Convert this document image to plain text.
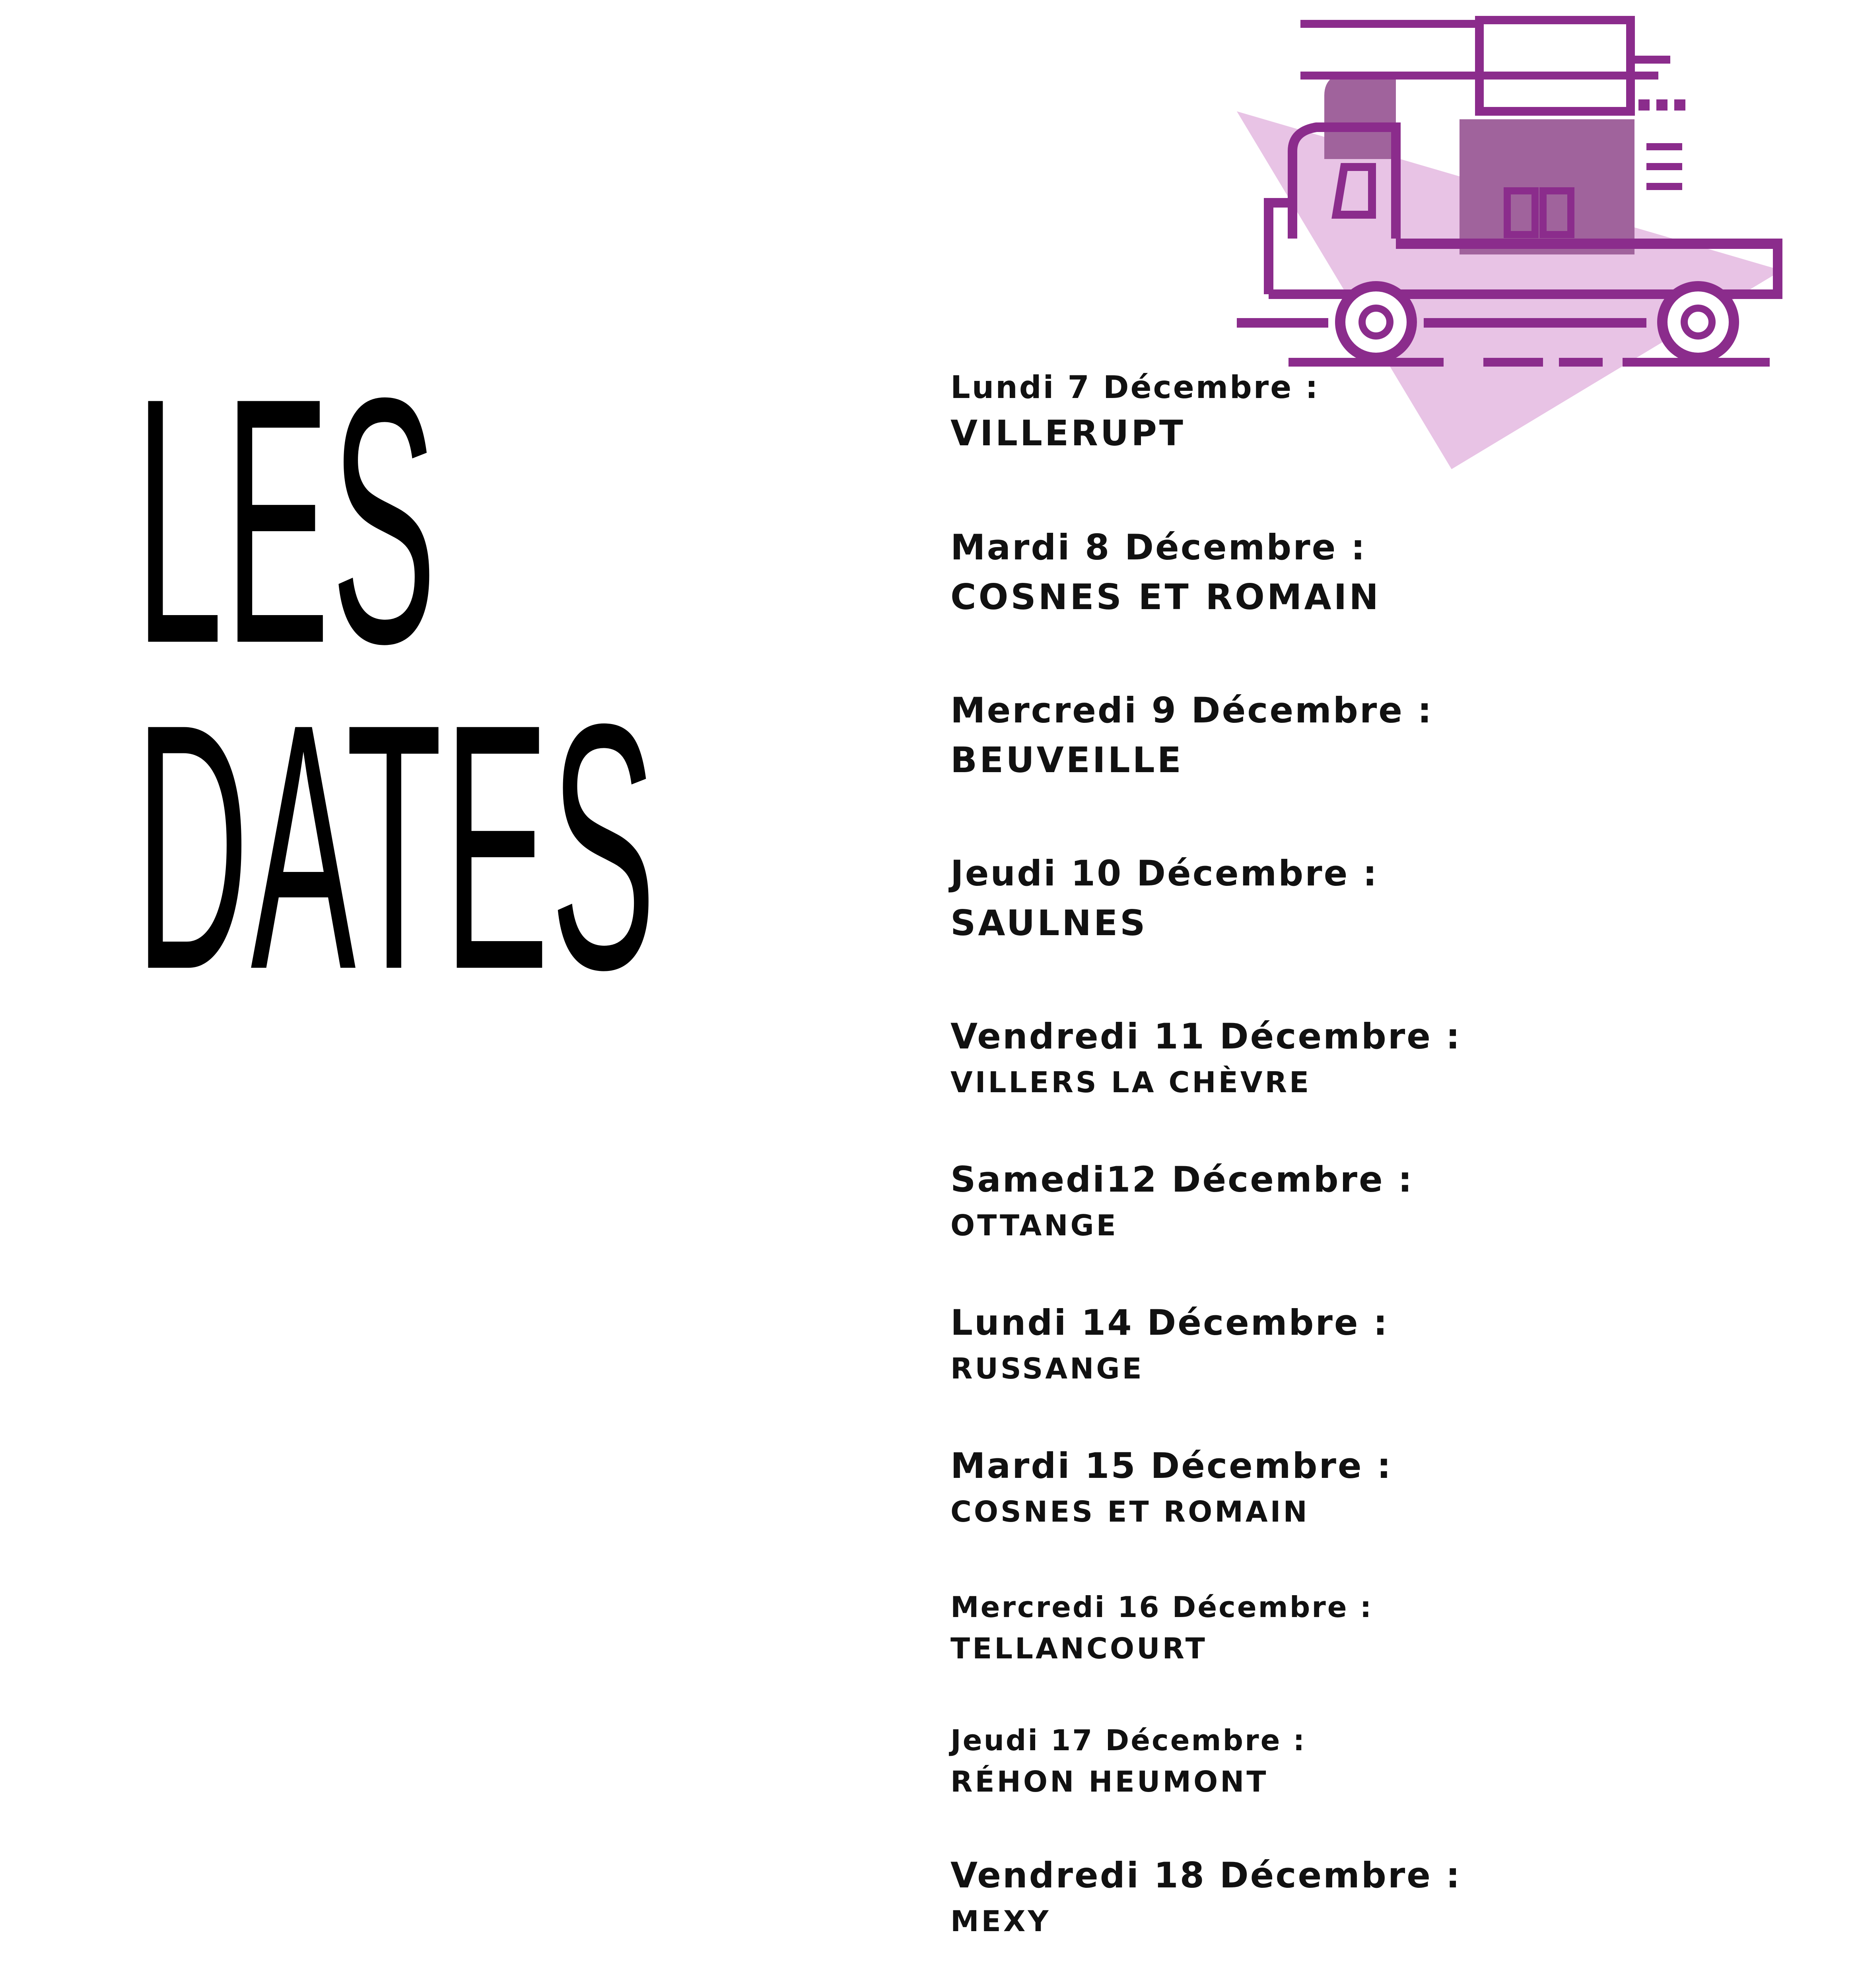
LES
DATES
Lundi 7 Décembre :
VILLERUPT
Mardi 8 Décembre :
COSNES ET ROMAIN
Mercredi 9 Décembre :
BEUVEILLE
Jeudi 10 Décembre :
SAULNES
Vendredi 11 Décembre :
VILLERS LA CHÈVRE
Samedi12 Décembre :
OTTANGE
Lundi 14 Décembre :
RUSSANGE
Mardi 15 Décembre :
COSNES ET ROMAIN
Mercredi 16 Décembre :
TELLANCOURT
Jeudi 17 Décembre :
RÉHON HEUMONT
Vendredi 18 Décembre :
MEXY
